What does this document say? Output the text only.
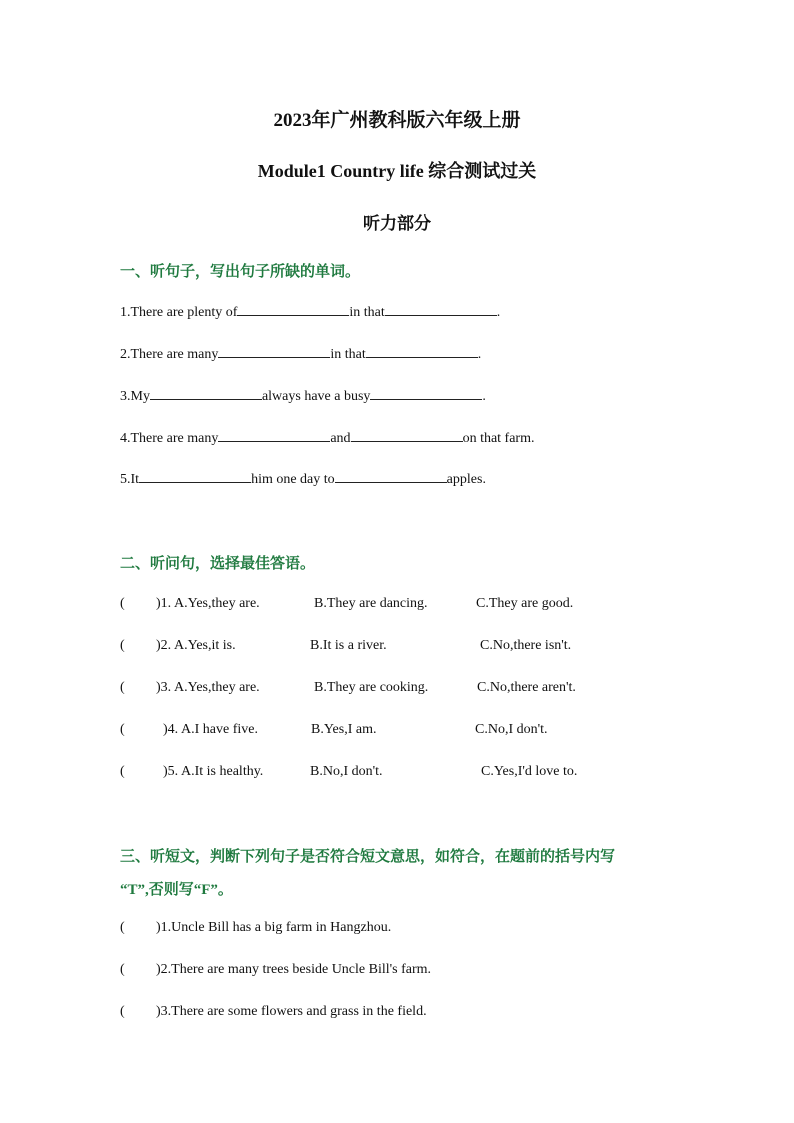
2023年广州教科版六年级上册
Module1 Country life 综合测试过关
听力部分
一、听句子，写出句子所缺的单词。
1.There are plenty of	in that	.
2.There are many	in that	.
3.My	always have a busy	.
4.There are many	and	on that farm.
5.It	him one day to	apples.
二、听问句，选择最佳答语。
( )1. A.Yes,they are.	B.They are dancing.	C.They are good.
( )2. A.Yes,it is.	B.It is a river.	C.No,there isn't.
( )3. A.Yes,they are.	B.They are cooking.	C.No,there aren't.
(	)4. A.I have five.	B.Yes,I am.	C.No,I don't.
(	)5. A.It is healthy.	B.No,I don't.	C.Yes,I'd love to.
三、听短文，判断下列句子是否符合短文意思，如符合，在题前的括号内写
“T”,否则写“F”。
( )1.Uncle Bill has a big farm in Hangzhou.
( )2.There are many trees beside Uncle Bill's farm.
( )3.There are some flowers and grass in the field.
